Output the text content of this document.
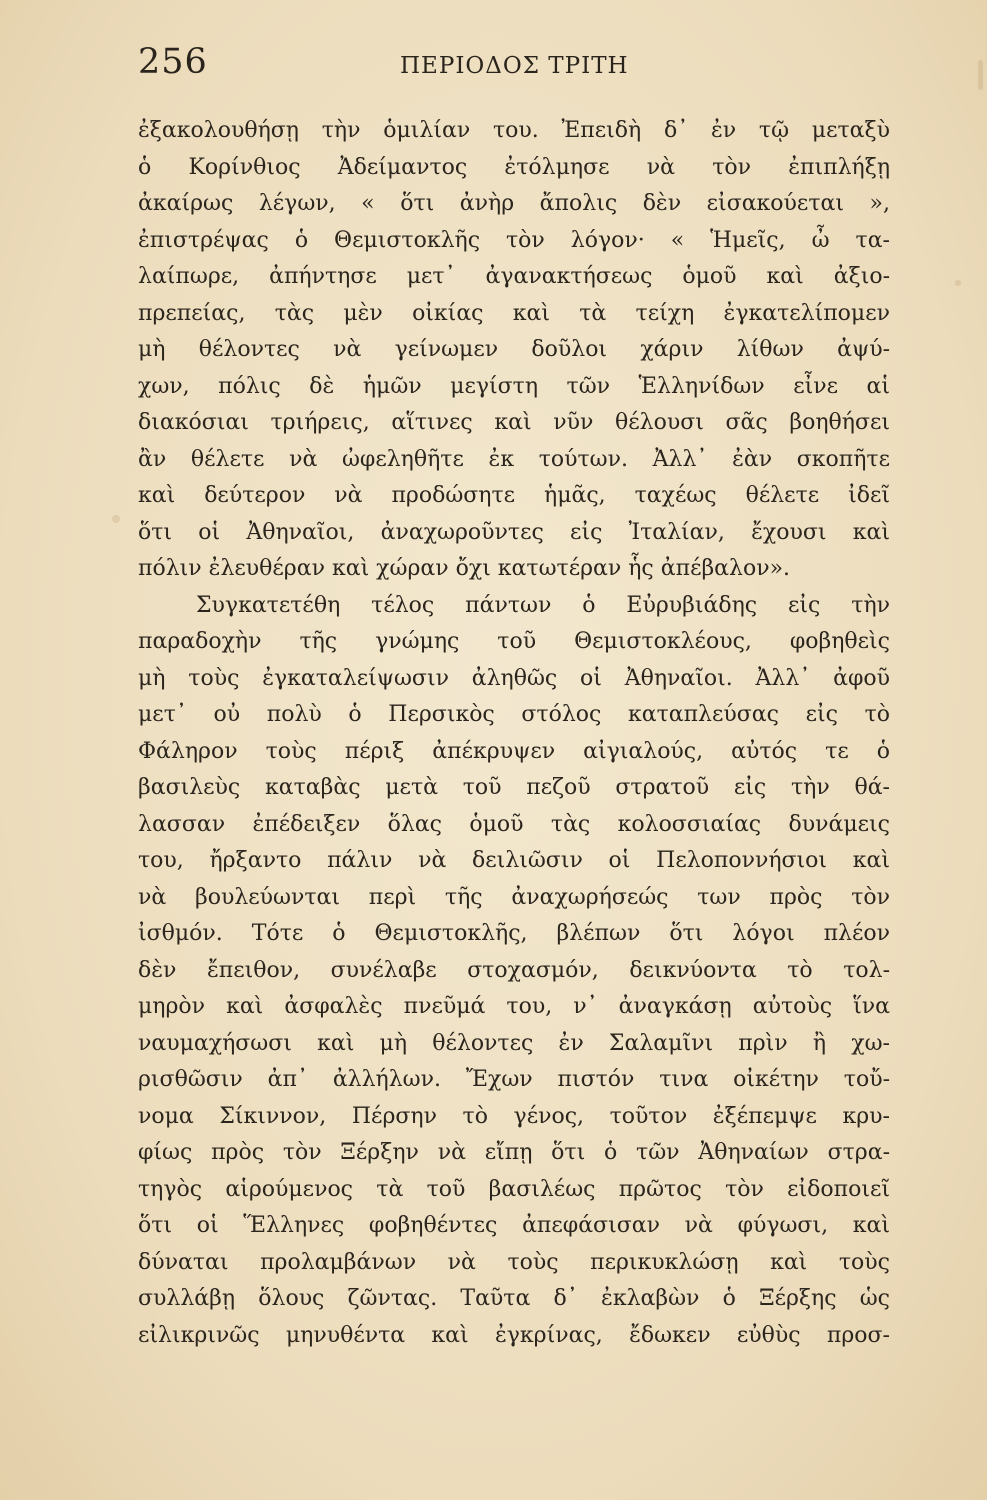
256	ΠΕΡΙΟΔΟΣ ΤΡΙΤΗ
ἐξακολουθήσῃ τὴν ὁμιλίαν του. Ἐπειδὴ δ᾽ ἐν τῷ μεταξὺ
ὁ Κορίνθιος Ἀδείμαντος ἐτόλμησε νὰ τὸν ἐπιπλήξῃ
ἀκαίρως λέγων, « ὅτι ἀνὴρ ἄπολις δὲν εἰσακούεται »,
ἐπιστρέψας ὁ Θεμιστοκλῆς τὸν λόγον· « Ἡμεῖς, ὦ τα-
λαίπωρε, ἀπήντησε μετ᾽ ἀγανακτήσεως ὁμοῦ καὶ ἀξιο-
πρεπείας, τὰς μὲν οἰκίας καὶ τὰ τείχη ἐγκατελίπομεν
μὴ θέλοντες νὰ γείνωμεν δοῦλοι χάριν λίθων ἀψύ-
χων, πόλις δὲ ἡμῶν μεγίστη τῶν Ἑλληνίδων εἶνε αἱ
διακόσιαι τριήρεις, αἵτινες καὶ νῦν θέλουσι σᾶς βοηθήσει
ἂν θέλετε νὰ ὠφεληθῆτε ἐκ τούτων. Ἀλλ᾽ ἐὰν σκοπῆτε
καὶ δεύτερον νὰ προδώσητε ἡμᾶς, ταχέως θέλετε ἰδεῖ
ὅτι οἱ Ἀθηναῖοι, ἀναχωροῦντες εἰς Ἰταλίαν, ἔχουσι καὶ
πόλιν ἐλευθέραν καὶ χώραν ὄχι κατωτέραν ἧς ἀπέβαλον».
Συγκατετέθη τέλος πάντων ὁ Εὐρυβιάδης εἰς τὴν
παραδοχὴν τῆς γνώμης τοῦ Θεμιστοκλέους, φοβηθεὶς
μὴ τοὺς ἐγκαταλείψωσιν ἀληθῶς οἱ Ἀθηναῖοι. Ἀλλ᾽ ἀφοῦ
μετ᾽ οὐ πολὺ ὁ Περσικὸς στόλος καταπλεύσας εἰς τὸ
Φάληρον τοὺς πέριξ ἀπέκρυψεν αἰγιαλούς, αὐτός τε ὁ
βασιλεὺς καταβὰς μετὰ τοῦ πεζοῦ στρατοῦ εἰς τὴν θά-
λασσαν ἐπέδειξεν ὅλας ὁμοῦ τὰς κολοσσιαίας δυνάμεις
του, ἤρξαντο πάλιν νὰ δειλιῶσιν οἱ Πελοποννήσιοι καὶ
νὰ βουλεύωνται περὶ τῆς ἀναχωρήσεώς των πρὸς τὸν
ἰσθμόν. Τότε ὁ Θεμιστοκλῆς, βλέπων ὅτι λόγοι πλέον
δὲν ἔπειθον, συνέλαβε στοχασμόν, δεικνύοντα τὸ τολ-
μηρὸν καὶ ἀσφαλὲς πνεῦμά του, ν᾽ ἀναγκάσῃ αὐτοὺς ἵνα
ναυμαχήσωσι καὶ μὴ θέλοντες ἐν Σαλαμῖνι πρὶν ἢ χω-
ρισθῶσιν ἀπ᾽ ἀλλήλων. Ἔχων πιστόν τινα οἰκέτην τοὔ-
νομα Σίκιννον, Πέρσην τὸ γένος, τοῦτον ἐξέπεμψε κρυ-
φίως πρὸς τὸν Ξέρξην νὰ εἴπῃ ὅτι ὁ τῶν Ἀθηναίων στρα-
τηγὸς αἱρούμενος τὰ τοῦ βασιλέως πρῶτος τὸν εἰδοποιεῖ
ὅτι οἱ Ἕλληνες φοβηθέντες ἀπεφάσισαν νὰ φύγωσι, καὶ
δύναται προλαμβάνων νὰ τοὺς περικυκλώσῃ καὶ τοὺς
συλλάβῃ ὅλους ζῶντας. Ταῦτα δ᾽ ἐκλαβὼν ὁ Ξέρξης ὡς
εἰλικρινῶς μηνυθέντα καὶ ἐγκρίνας, ἔδωκεν εὐθὺς προσ-
